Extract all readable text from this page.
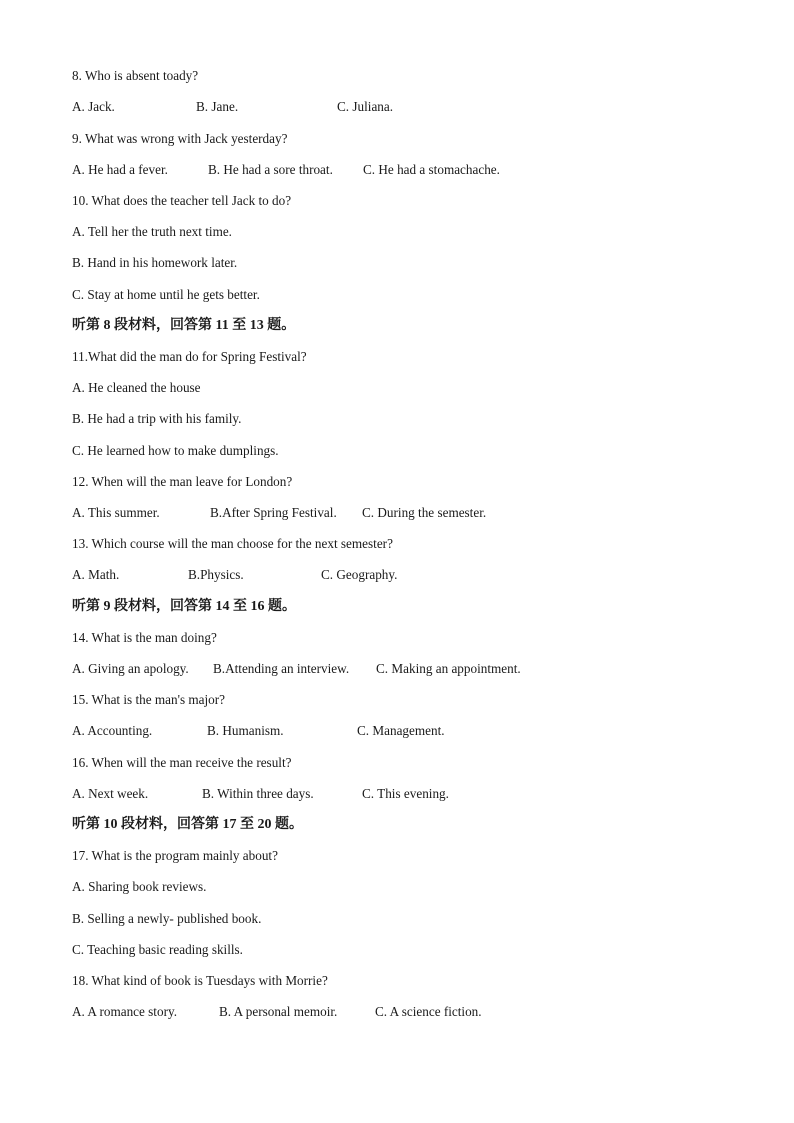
8. Who is absent toady?
A. Jack.	B. Jane.	C. Juliana.
9. What was wrong with Jack yesterday?
A. He had a fever.	B. He had a sore throat. C. He had a stomachache.
10. What does the teacher tell Jack to do?
A. Tell her the truth next time.
B. Hand in his homework later.
C. Stay at home until he gets better.
听第 8 段材料，回答第 11 至 13 题。
11.What did the man do for Spring Festival?
A. He cleaned the house
B. He had a trip with his family.
C. He learned how to make dumplings.
12. When will the man leave for London?
A. This summer.	B.After Spring Festival. C. During the semester.
13. Which course will the man choose for the next semester?
A. Math.	B.Physics.	C. Geography.
听第 9 段材料，回答第 14 至 16 题。
14. What is the man doing?
A. Giving an apology. B.Attending an interview. C. Making an appointment.
15. What is the man's major?
A. Accounting.	B. Humanism.	C. Management.
16. When will the man receive the result?
A. Next week.	B. Within three days.	C. This evening.
听第 10 段材料，回答第 17 至 20 题。
17. What is the program mainly about?
A. Sharing book reviews.
B. Selling a newly- published book.
C. Teaching basic reading skills.
18. What kind of book is Tuesdays with Morrie?
A. A romance story.	B. A personal memoir.	C. A science fiction.
